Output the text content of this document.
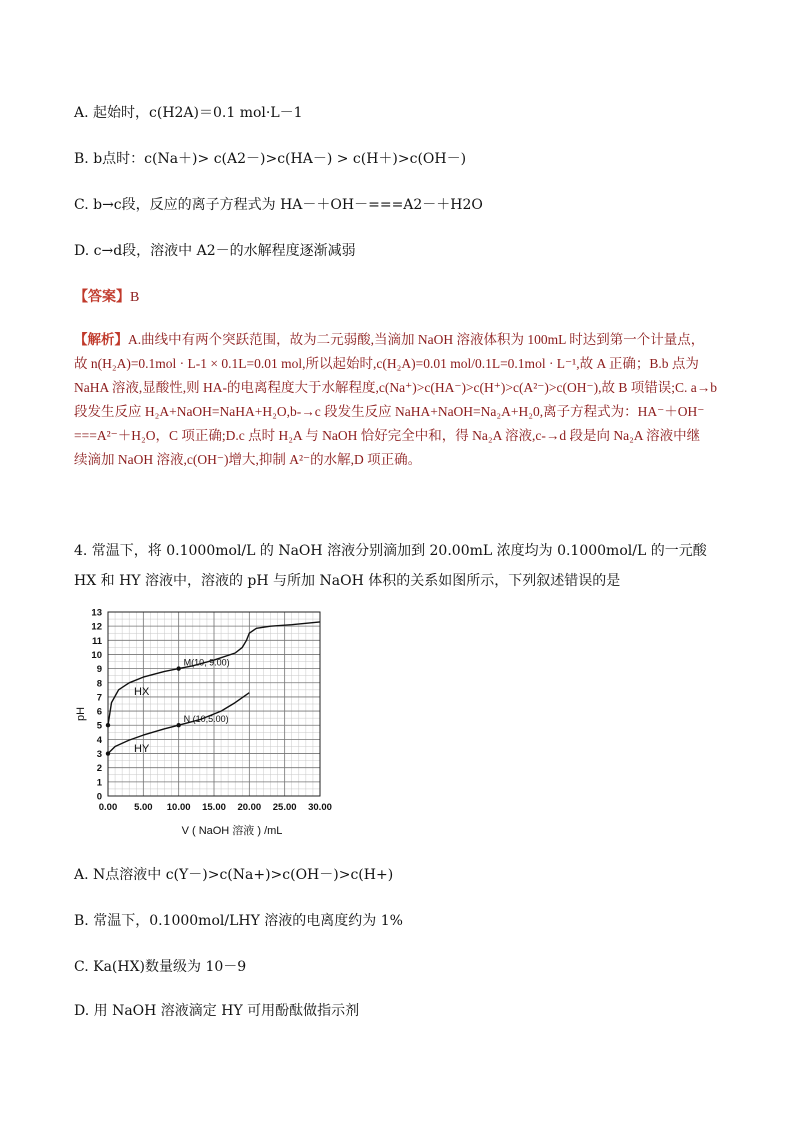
A. 起始时，c(H2A)＝0.1 mol·L－1
B. b点时：c(Na＋)> c(A2－)>c(HA－) > c(H＋)>c(OH－)
C. b→c段，反应的离子方程式为 HA－＋OH－===A2－＋H2O
D. c→d段，溶液中 A2－的水解程度逐渐减弱
【答案】B

【解析】A.曲线中有两个突跃范围，故为二元弱酸,当滴加 NaOH 溶液体积为 100mL 时达到第一个计量点，

故 n(H₂A)=0.1mol · L-1 × 0.1L=0.01 mol,所以起始时,c(H₂A)=0.01 mol/0.1L=0.1mol · L⁻¹,故 A 正确；B.b 点为

NaHA 溶液,显酸性,则 HA-的电离程度大于水解程度,c(Na⁺)>c(HA⁻)>c(H⁺)>c(A²⁻)>c(OH⁻),故 B 项错误;C. a→b

段发生反应 H₂A+NaOH=NaHA+H₂O,b-→c 段发生反应 NaHA+NaOH=Na₂A+H₂0,离子方程式为：HA⁻＋OH⁻

===A²⁻＋H₂O，C 项正确;D.c 点时 H₂A 与 NaOH 恰好完全中和，得 Na₂A 溶液,c-→d 段是向 Na₂A 溶液中继

续滴加 NaOH 溶液,c(OH⁻)增大,抑制 A²⁻的水解,D 项正确。

4. 常温下，将 0.1000mol/L 的 NaOH 溶液分别滴加到 20.00mL 浓度均为 0.1000mol/L 的一元酸
HX 和 HY 溶液中，溶液的 pH 与所加 NaOH 体积的关系如图所示，下列叙述错误的是
0.00 5.00 10.00 15.00 20.00 25.00 30.00
0
1
2
3
4
5
6
7
8
9
10
11
12
13
M(10, 9.00)
N (10,5.00)
pH
V ( NaOH 溶液 ) /mL
HX
HY
A. N点溶液中 c(Y－)>c(Na+)>c(OH－)>c(H+)
B. 常温下，0.1000mol/LHY 溶液的电离度约为 1%
C. Ka(HX)数量级为 10－9
D. 用 NaOH 溶液滴定 HY 可用酚酞做指示剂
